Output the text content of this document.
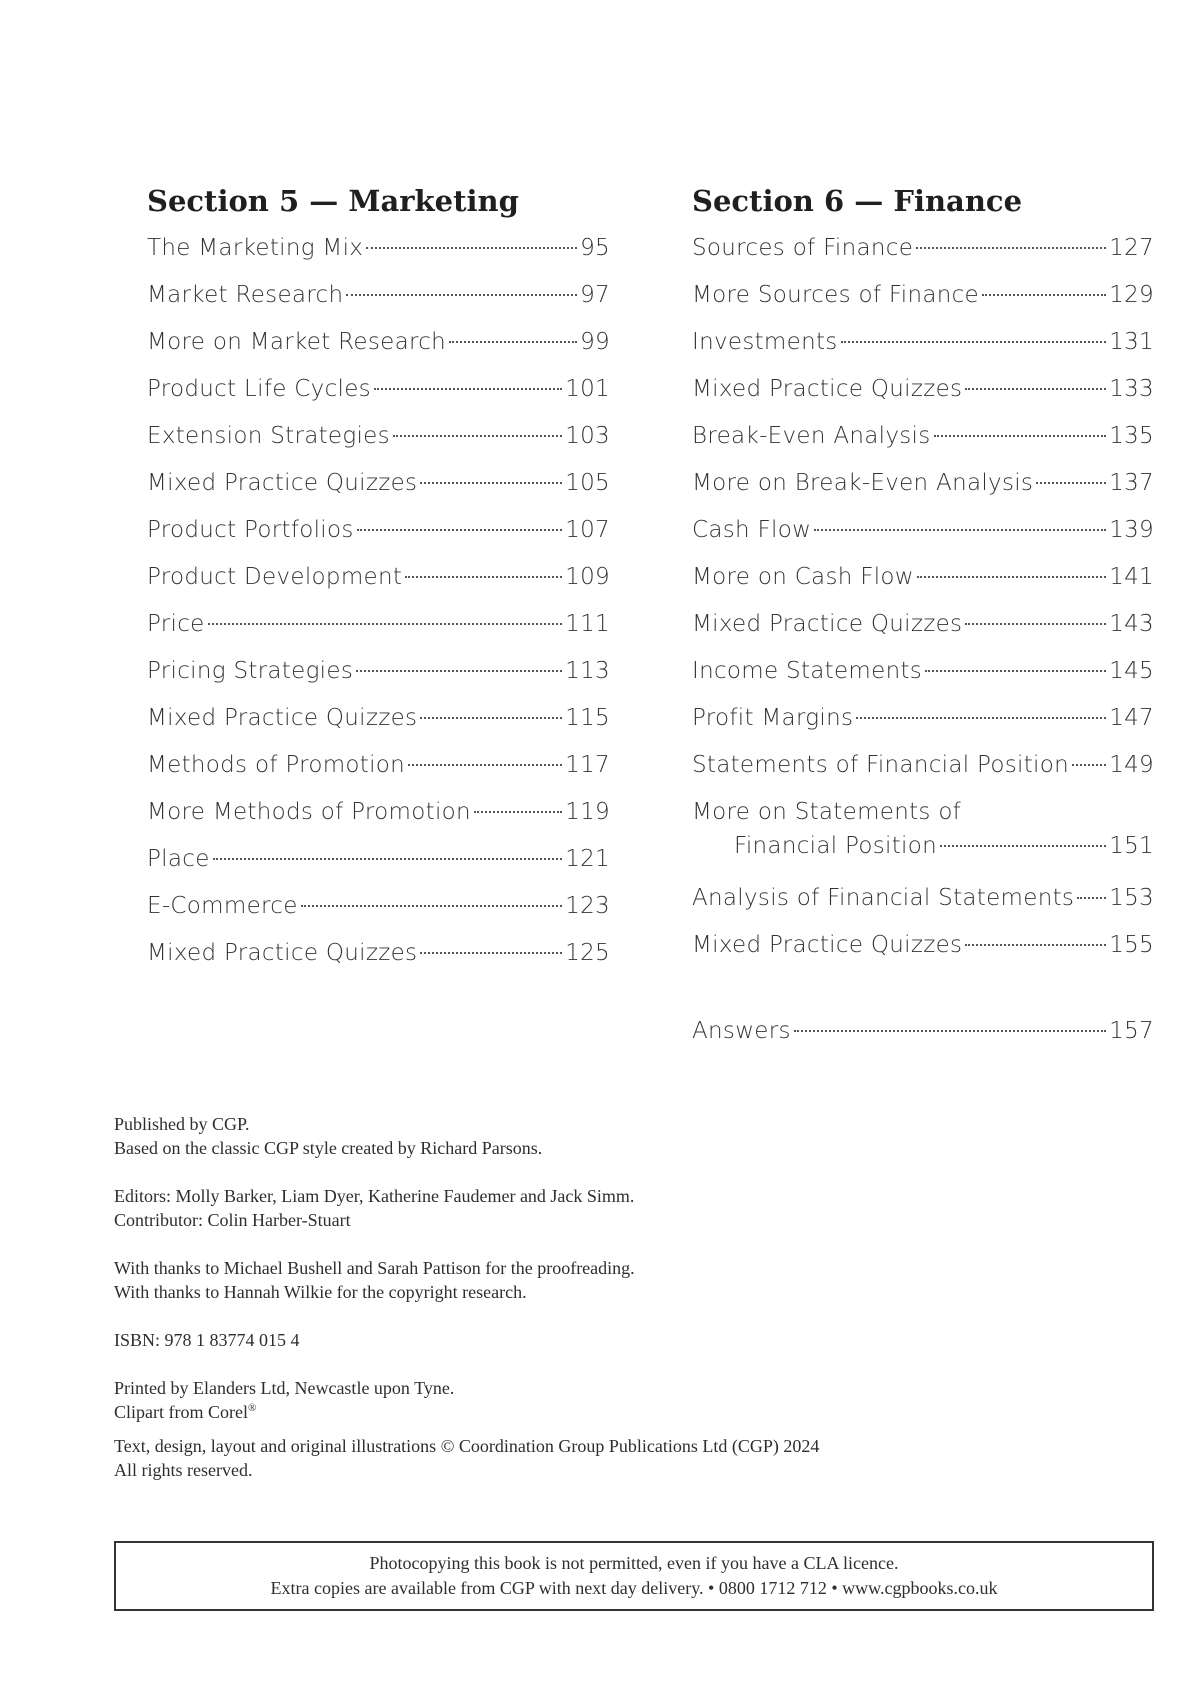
Section 5 — Marketing
The Marketing Mix	95
Market Research	97
More on Market Research	99
Product Life Cycles	101
Extension Strategies	103
Mixed Practice Quizzes	105
Product Portfolios	107
Product Development	109
Price	111
Pricing Strategies	113
Mixed Practice Quizzes	115
Methods of Promotion	117
More Methods of Promotion	119
Place	121
E-Commerce	123
Mixed Practice Quizzes	125
Section 6 — Finance
Sources of Finance	127
More Sources of Finance	129
Investments	131
Mixed Practice Quizzes	133
Break-Even Analysis	135
More on Break-Even Analysis	137
Cash Flow	139
More on Cash Flow	141
Mixed Practice Quizzes	143
Income Statements	145
Profit Margins	147
Statements of Financial Position 149
More on Statements of
Financial Position	151
Analysis of Financial Statements 153
Mixed Practice Quizzes	155
Answers	157

Published by CGP.

Based on the classic CGP style created by Richard Parsons.

Editors: Molly Barker, Liam Dyer, Katherine Faudemer and Jack Simm.

Contributor: Colin Harber-Stuart

With thanks to Michael Bushell and Sarah Pattison for the proofreading.

With thanks to Hannah Wilkie for the copyright research.

ISBN: 978 1 83774 015 4

Printed by Elanders Ltd, Newcastle upon Tyne.

Clipart from Corel®

Text, design, layout and original illustrations © Coordination Group Publications Ltd (CGP) 2024

All rights reserved.

Photocopying this book is not permitted, even if you have a CLA licence.

Extra copies are available from CGP with next day delivery. • 0800 1712 712 • www.cgpbooks.co.uk
